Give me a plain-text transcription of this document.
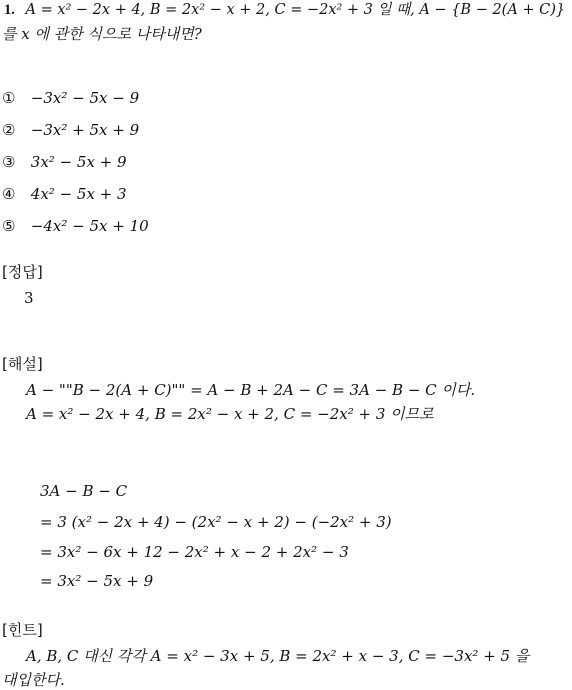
1. A = x² − 2x + 4, B = 2x² − x + 2, C = −2x² + 3 일 때, A − {B − 2(A + C)}
를 x 에 관한 식으로 나타내면?
① −3x² − 5x − 9
② −3x² + 5x + 9
③ 3x² − 5x + 9
④ 4x² − 5x + 3
⑤ −4x² − 5x + 10
[정답]
3
[해설]
A − ""B − 2(A + C)"" = A − B + 2A − C = 3A − B − C 이다.
A = x² − 2x + 4, B = 2x² − x + 2, C = −2x² + 3 이므로
3A − B − C
= 3 (x² − 2x + 4) − (2x² − x + 2) − (−2x² + 3)
= 3x² − 6x + 12 − 2x² + x − 2 + 2x² − 3
= 3x² − 5x + 9
[힌트]
A, B, C 대신 각각 A = x² − 3x + 5, B = 2x² + x − 3, C = −3x² + 5 을
대입한다.
